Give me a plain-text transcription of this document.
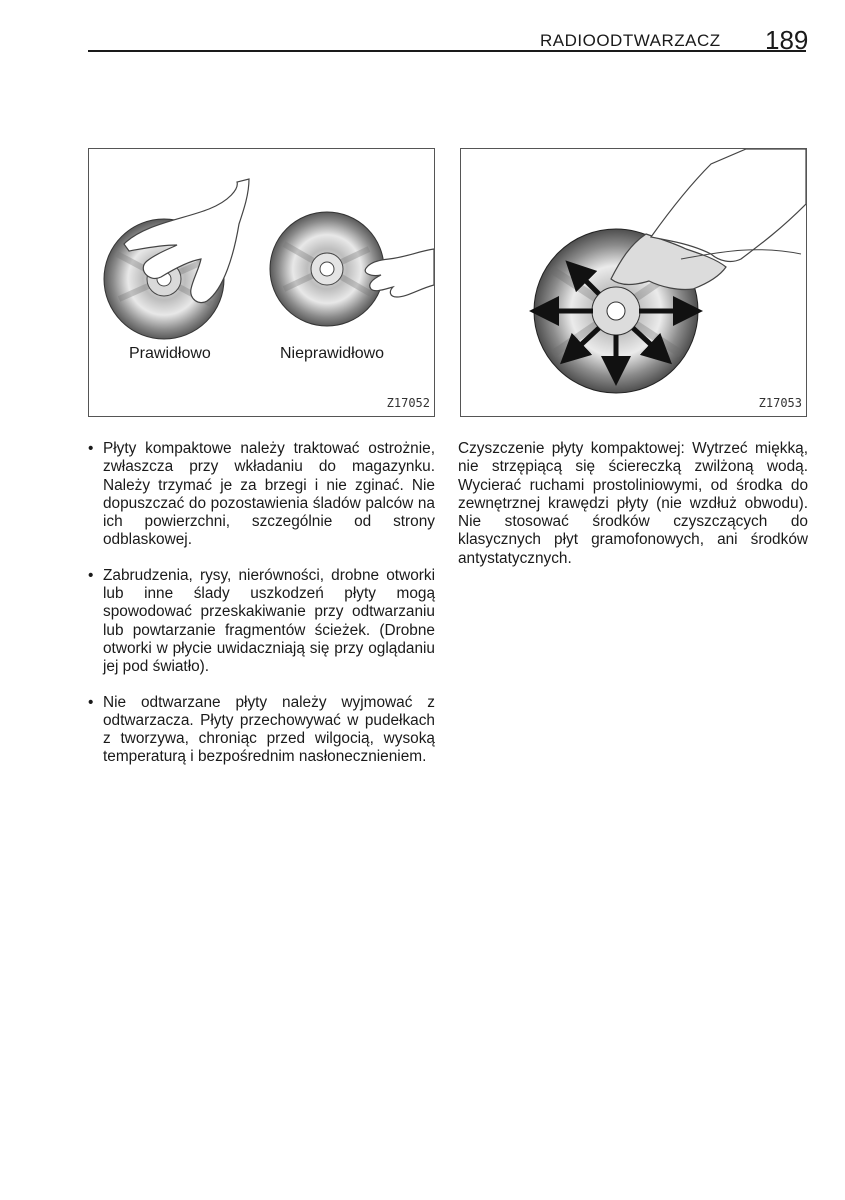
RADIOODTWARZACZ 189
Prawidłowo	Nieprawidłowo
Z17052	Z17053
• Płyty kompaktowe należy traktować ostrożnie, zwłaszcza przy wkładaniu do magazynku. Należy trzymać je za brzegi i nie zginać. Nie dopuszczać do pozostawienia śladów palców na ich powierzchni, szczególnie od strony odblaskowej.
• Zabrudzenia, rysy, nierówności, drobne otworki lub inne ślady uszkodzeń płyty mogą spowodować przeskakiwanie przy odtwarzaniu lub powtarzanie fragmentów ścieżek. (Drobne otworki w płycie uwidaczniają się przy oglądaniu jej pod światło).
• Nie odtwarzane płyty należy wyjmować z odtwarzacza. Płyty przechowywać w pudełkach z tworzywa, chroniąc przed wilgocią, wysoką temperaturą i bezpośrednim nasłonecznieniem.

Czyszczenie płyty kompaktowej: Wytrzeć miękką, nie strzępiącą się ściereczką zwilżoną wodą. Wycierać ruchami prostoliniowymi, od środka do zewnętrznej krawędzi płyty (nie wzdłuż obwodu). Nie stosować środków czyszczących do klasycznych płyt gramofonowych, ani środków antystatycznych.
